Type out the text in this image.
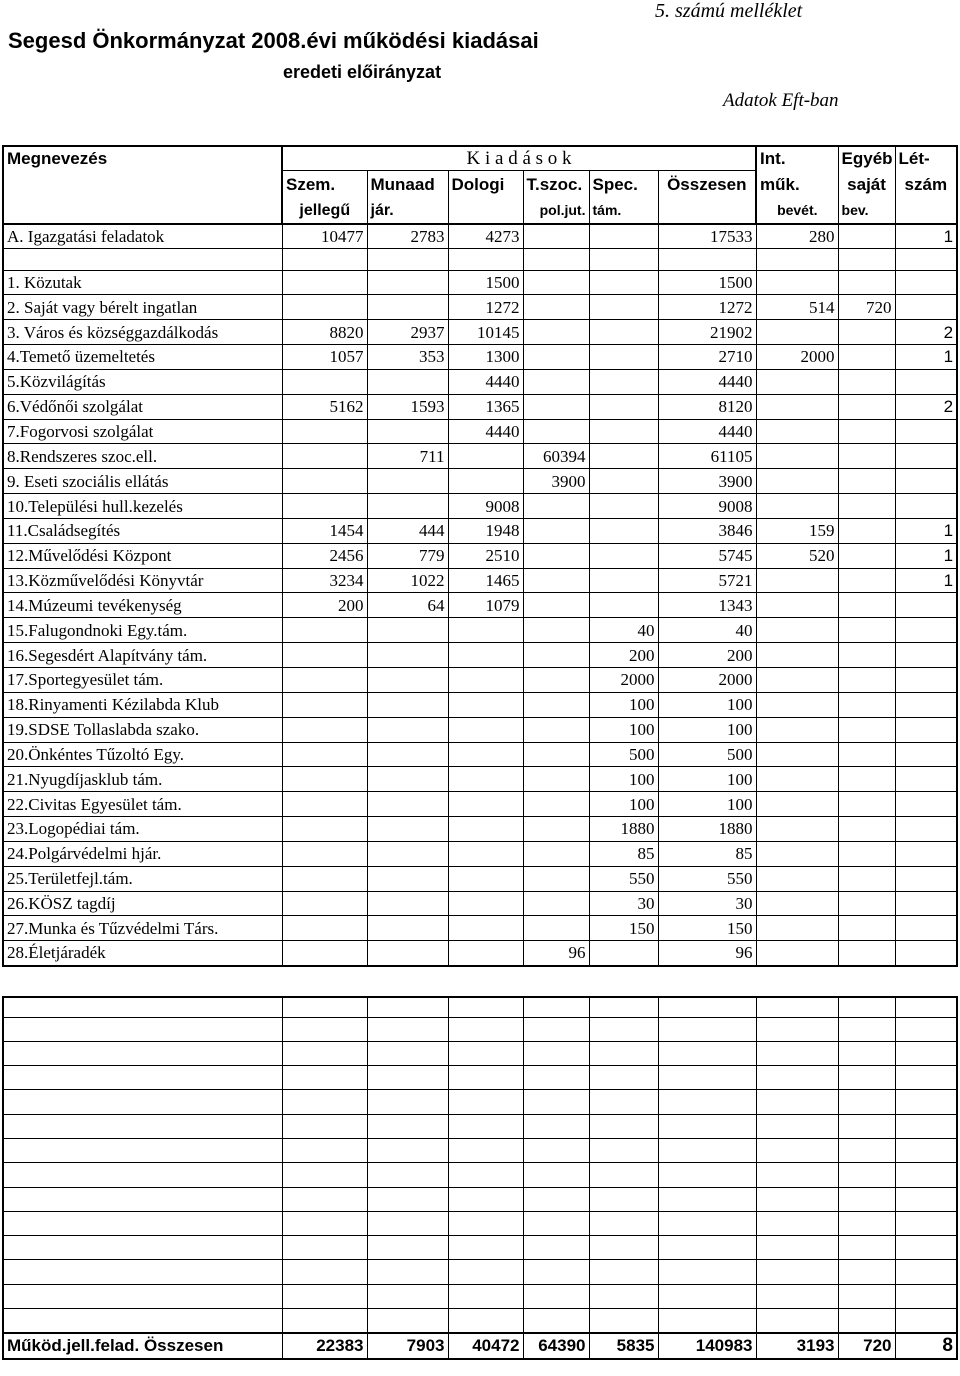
5. számú melléklet
Segesd Önkormányzat 2008.évi működési kiadásai
eredeti előirányzat
Adatok Eft-ban
Megnevezés	K i a d á s o k						Int.	Egyéb	Lét-
	Szem.	Munaad	Dologi	T.szoc.	Spec.	Összesen	műk.	saját	szám
	jellegű	jár.		pol.jut.	tám.		bevét.	bev.	
A. Igazgatási feladatok	10477	2783	4273			17533	280		1

1. Közutak			1500			1500			
2. Saját vagy bérelt ingatlan			1272			1272	514	720	
3. Város és községgazdálkodás	8820	2937	10145			21902			2
4.Temető üzemeltetés	1057	353	1300			2710	2000		1
5.Közvilágítás			4440			4440			
6.Védőnői szolgálat	5162	1593	1365			8120			2
7.Fogorvosi szolgálat			4440			4440			
8.Rendszeres szoc.ell.		711		60394		61105			
9. Eseti szociális ellátás				3900		3900			
10.Települési hull.kezelés			9008			9008			
11.Családsegítés	1454	444	1948			3846	159		1
12.Művelődési Központ	2456	779	2510			5745	520		1
13.Közművelődési Könyvtár	3234	1022	1465			5721			1
14.Múzeumi tevékenység	200	64	1079			1343			
15.Falugondnoki Egy.tám.					40	40			
16.Segesdért Alapítvány tám.					200	200			
17.Sportegyesület tám.					2000	2000			
18.Rinyamenti Kézilabda Klub					100	100			
19.SDSE Tollaslabda szako.					100	100			
20.Önkéntes Tűzoltó Egy.					500	500			
21.Nyugdíjasklub tám.					100	100			
22.Civitas Egyesület tám.					100	100			
23.Logopédiai tám.					1880	1880			
24.Polgárvédelmi hjár.					85	85			
25.Területfejl.tám.					550	550			
26.KÖSZ tagdíj					30	30			
27.Munka és Tűzvédelmi Társ.					150	150			
28.Életjáradék				96		96			

Működ.jell.felad. Összesen	22383	7903	40472	64390	5835	140983	3193	720	8
